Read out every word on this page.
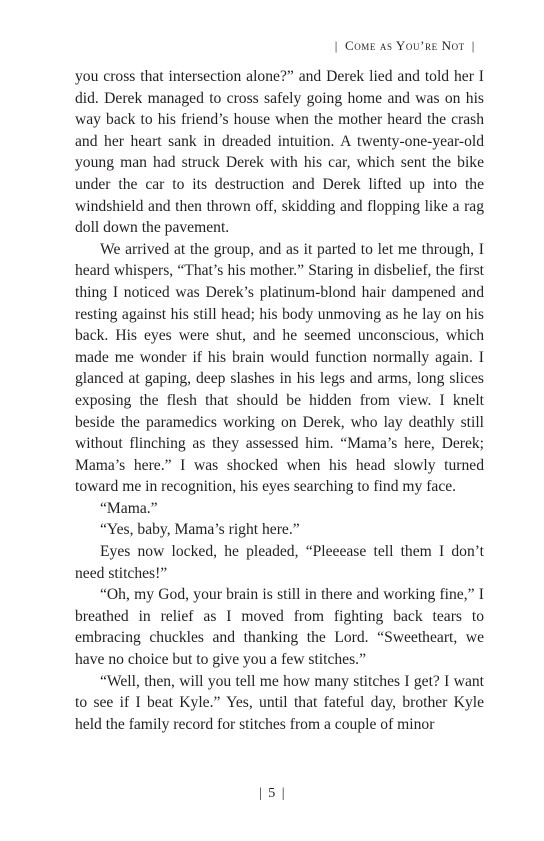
| Come as You’re Not |

you cross that intersection alone?” and Derek lied and told her I did. Derek managed to cross safely going home and was on his way back to his friend’s house when the mother heard the crash and her heart sank in dreaded intuition. A twenty-one-year-old young man had struck Derek with his car, which sent the bike under the car to its destruction and Derek lifted up into the windshield and then thrown off, skidding and flopping like a rag doll down the pavement.

We arrived at the group, and as it parted to let me through, I heard whispers, “That’s his mother.” Staring in disbelief, the first thing I noticed was Derek’s platinum-blond hair dampened and resting against his still head; his body unmoving as he lay on his back. His eyes were shut, and he seemed unconscious, which made me wonder if his brain would function normally again. I glanced at gaping, deep slashes in his legs and arms, long slices exposing the flesh that should be hidden from view. I knelt beside the paramedics working on Derek, who lay deathly still without flinching as they assessed him. “Mama’s here, Derek; Mama’s here.” I was shocked when his head slowly turned toward me in recognition, his eyes searching to find my face.

“Mama.”

“Yes, baby, Mama’s right here.”

Eyes now locked, he pleaded, “Pleeease tell them I don’t need stitches!”

“Oh, my God, your brain is still in there and working fine,” I breathed in relief as I moved from fighting back tears to embracing chuckles and thanking the Lord. “Sweetheart, we have no choice but to give you a few stitches.”

“Well, then, will you tell me how many stitches I get? I want to see if I beat Kyle.” Yes, until that fateful day, brother Kyle held the family record for stitches from a couple of minor

| 5 |
